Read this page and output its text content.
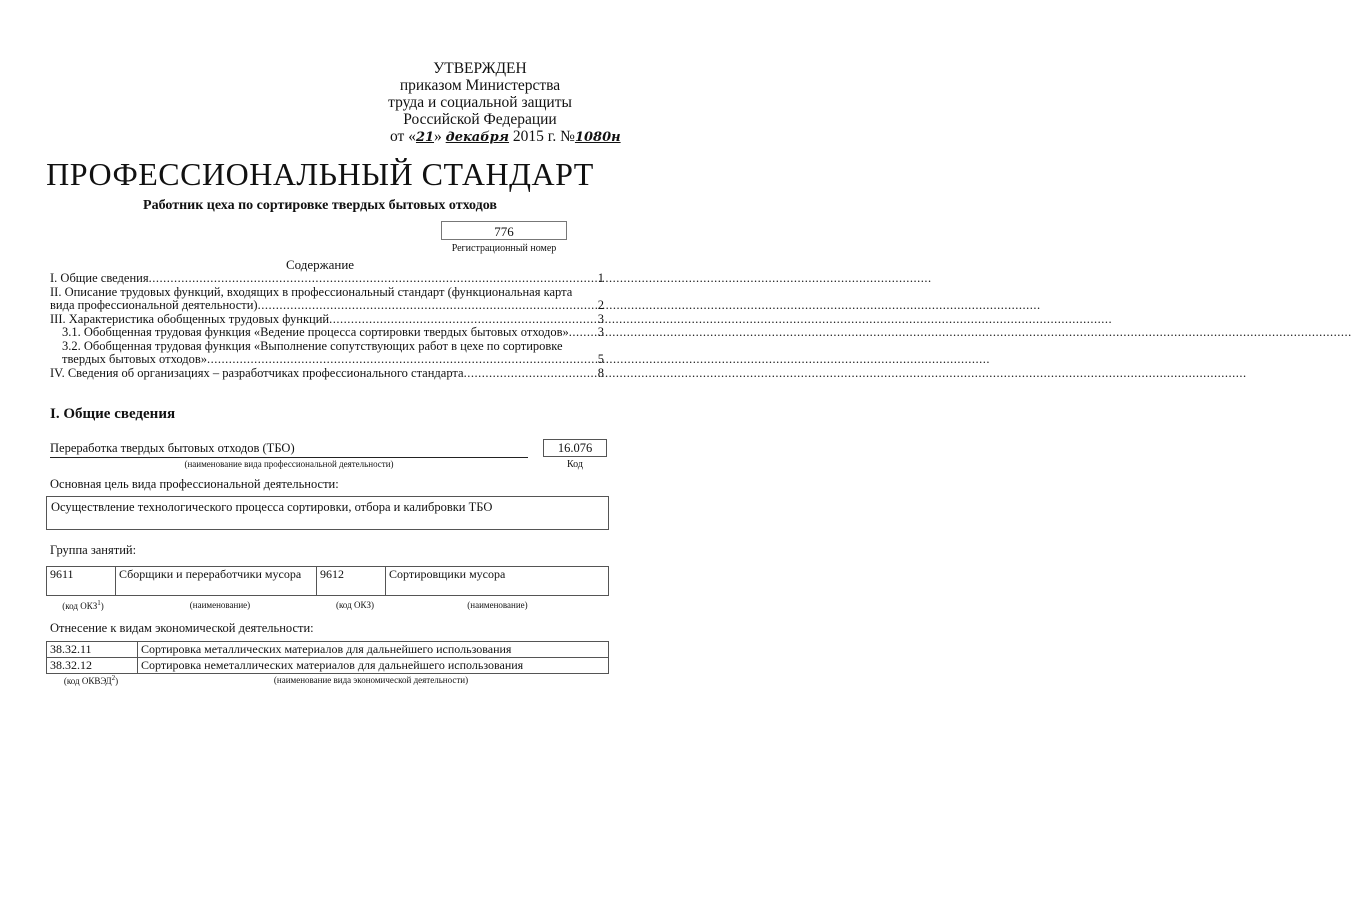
УТВЕРЖДЕН
приказом Министерства
труда и социальной защиты
Российской Федерации
от «21» декабря 2015 г. №1080н
ПРОФЕССИОНАЛЬНЫЙ СТАНДАРТ
Работник цеха по сортировке твердых бытовых отходов
776
Регистрационный номер
Содержание
I. Общие сведения .....	1
II. Описание трудовых функций, входящих в профессиональный стандарт (функциональная карта
вида профессиональной деятельности) .....	2
III. Характеристика обобщенных трудовых функций .....	3
3.1. Обобщенная трудовая функция «Ведение процесса сортировки твердых бытовых отходов» ..... 3
3.2. Обобщенная трудовая функция «Выполнение сопутствующих работ в цехе по сортировке
твердых бытовых отходов» .....	5
IV. Сведения об организациях – разработчиках профессионального стандарта .....	8
I. Общие сведения
Переработка твердых бытовых отходов (ТБО)
(наименование вида профессиональной деятельности)
16.076
Код
Основная цель вида профессиональной деятельности:
Осуществление технологического процесса сортировки, отбора и калибровки ТБО
Группа занятий:
9611	Сборщики и переработчики мусора	9612	Сортировщики мусора
(код ОКЗ$^1$)	(наименование)	(код ОКЗ)	(наименование)
Отнесение к видам экономической деятельности:
38.32.11	Сортировка металлических материалов для дальнейшего использования
38.32.12	Сортировка неметаллических материалов для дальнейшего использования
(код ОКВЭД$^2$)	(наименование вида экономической деятельности)
